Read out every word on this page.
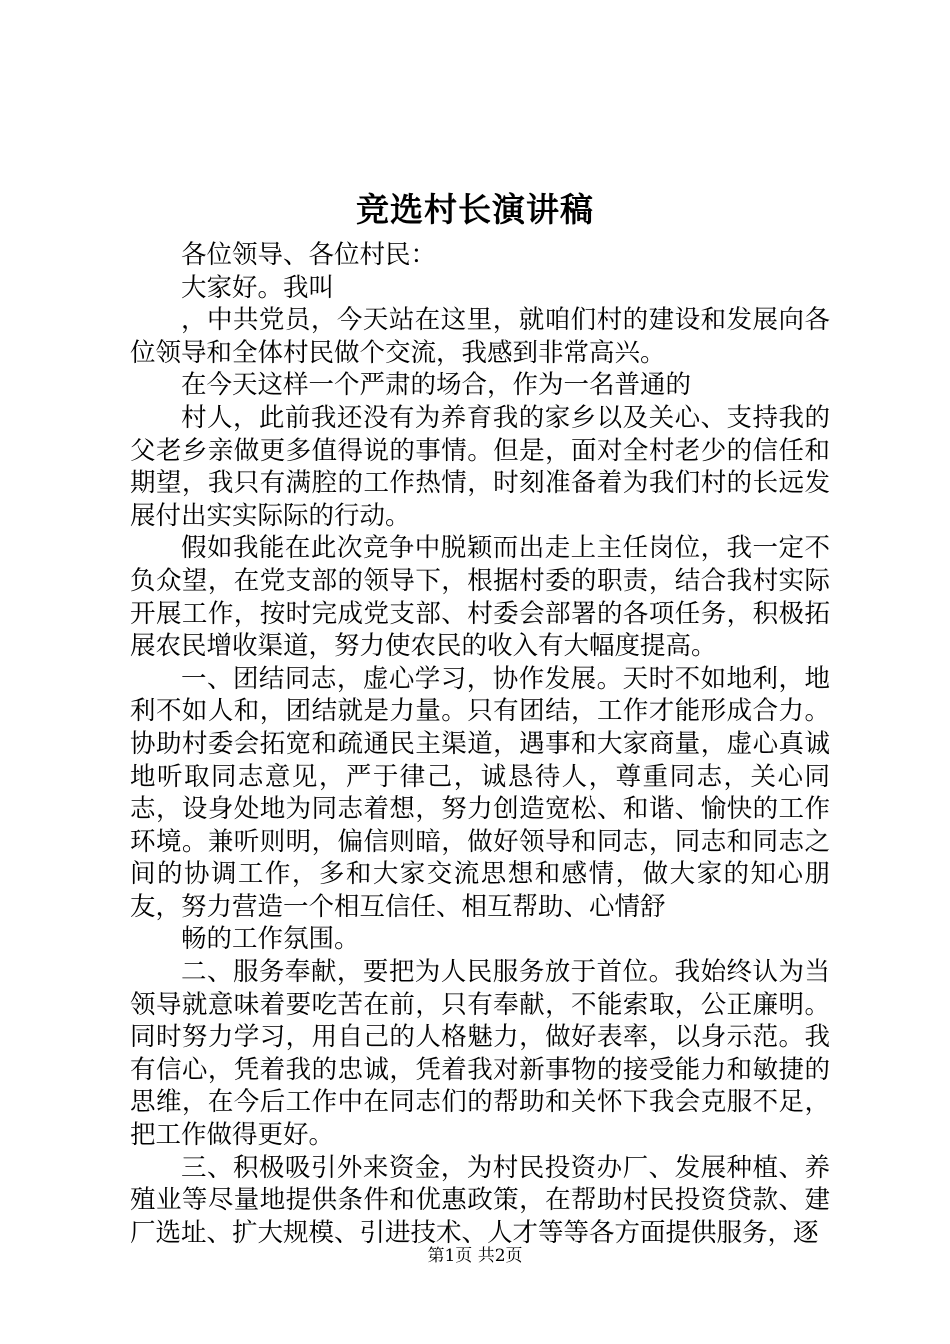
竞选村长演讲稿

各位领导、各位村民：

大家好。我叫

，中共党员，今天站在这里，就咱们村的建设和发展向各位领导和全体村民做个交流，我感到非常高兴。

在今天这样一个严肃的场合，作为一名普通的

村人，此前我还没有为养育我的家乡以及关心、支持我的父老乡亲做更多值得说的事情。但是，面对全村老少的信任和期望，我只有满腔的工作热情，时刻准备着为我们村的长远发展付出实实际际的行动。

假如我能在此次竞争中脱颖而出走上主任岗位，我一定不负众望，在党支部的领导下，根据村委的职责，结合我村实际开展工作，按时完成党支部、村委会部署的各项任务，积极拓展农民增收渠道，努力使农民的收入有大幅度提高。

一、团结同志，虚心学习，协作发展。天时不如地利，地利不如人和，团结就是力量。只有团结，工作才能形成合力。协助村委会拓宽和疏通民主渠道，遇事和大家商量，虚心真诚地听取同志意见，严于律己，诚恳待人，尊重同志，关心同志，设身处地为同志着想，努力创造宽松、和谐、愉快的工作环境。兼听则明，偏信则暗，做好领导和同志，同志和同志之间的协调工作，多和大家交流思想和感情，做大家的知心朋友，努力营造一个相互信任、相互帮助、心情舒

畅的工作氛围。

二、服务奉献，要把为人民服务放于首位。我始终认为当领导就意味着要吃苦在前，只有奉献，不能索取，公正廉明。同时努力学习，用自己的人格魅力，做好表率，以身示范。我有信心，凭着我的忠诚，凭着我对新事物的接受能力和敏捷的思维，在今后工作中在同志们的帮助和关怀下我会克服不足，把工作做得更好。

三、积极吸引外来资金，为村民投资办厂、发展种植、养殖业等尽量地提供条件和优惠政策，在帮助村民投资贷款、建厂选址、扩大规模、引进技术、人才等等各方面提供服务，逐

第1页 共2页
